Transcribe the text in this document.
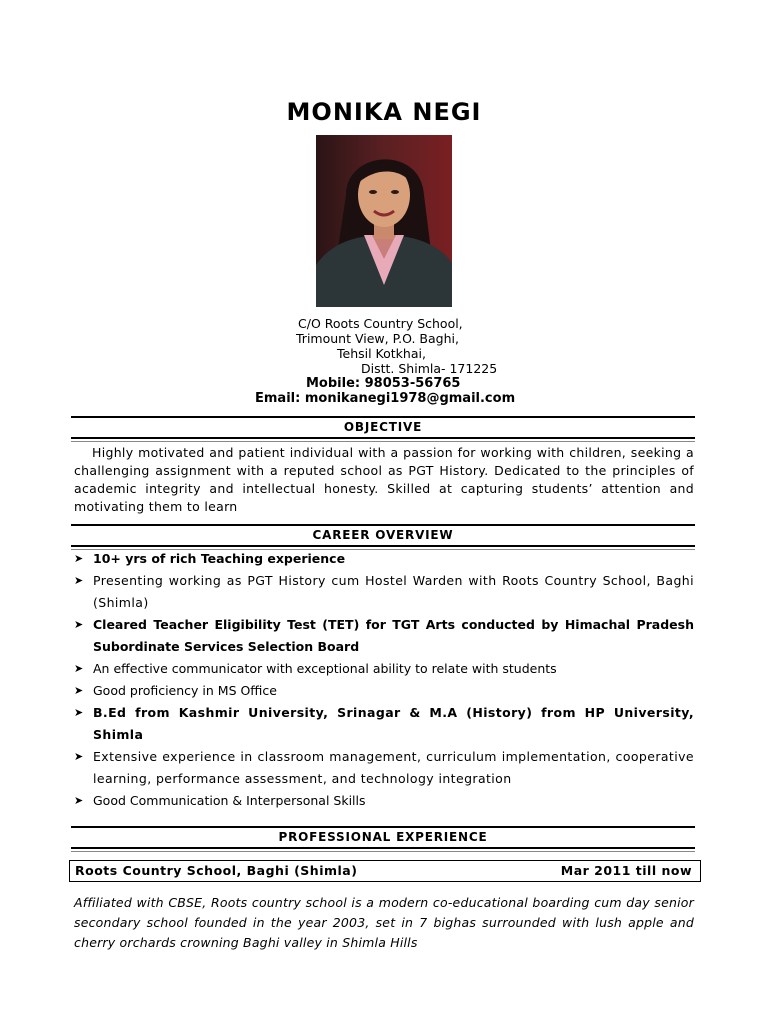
MONIKA NEGI
C/O Roots Country School,
Trimount View, P.O. Baghi,
Tehsil Kotkhai,
Distt. Shimla- 171225
Mobile: 98053-56765
Email: monikanegi1978@gmail.com
OBJECTIVE
Highly motivated and patient individual with a passion for working with children, seeking a challenging assignment with a reputed school as PGT History. Dedicated to the principles of academic integrity and intellectual honesty. Skilled at capturing students’ attention and motivating them to learn
CAREER OVERVIEW
➤ 10+ yrs of rich Teaching experience
➤ Presenting working as PGT History cum Hostel Warden with Roots Country School, Baghi (Shimla)
➤ Cleared Teacher Eligibility Test (TET) for TGT Arts conducted by Himachal Pradesh Subordinate Services Selection Board
➤ An effective communicator with exceptional ability to relate with students
➤ Good proficiency in MS Office
➤ B.Ed from Kashmir University, Srinagar & M.A (History) from HP University, Shimla
➤ Extensive experience in classroom management, curriculum implementation, cooperative learning, performance assessment, and technology integration
➤ Good Communication & Interpersonal Skills
PROFESSIONAL EXPERIENCE
Roots Country School, Baghi (Shimla)	Mar 2011 till now
Affiliated with CBSE, Roots country school is a modern co-educational boarding cum day senior secondary school founded in the year 2003, set in 7 bighas surrounded with lush apple and cherry orchards crowning Baghi valley in Shimla Hills
